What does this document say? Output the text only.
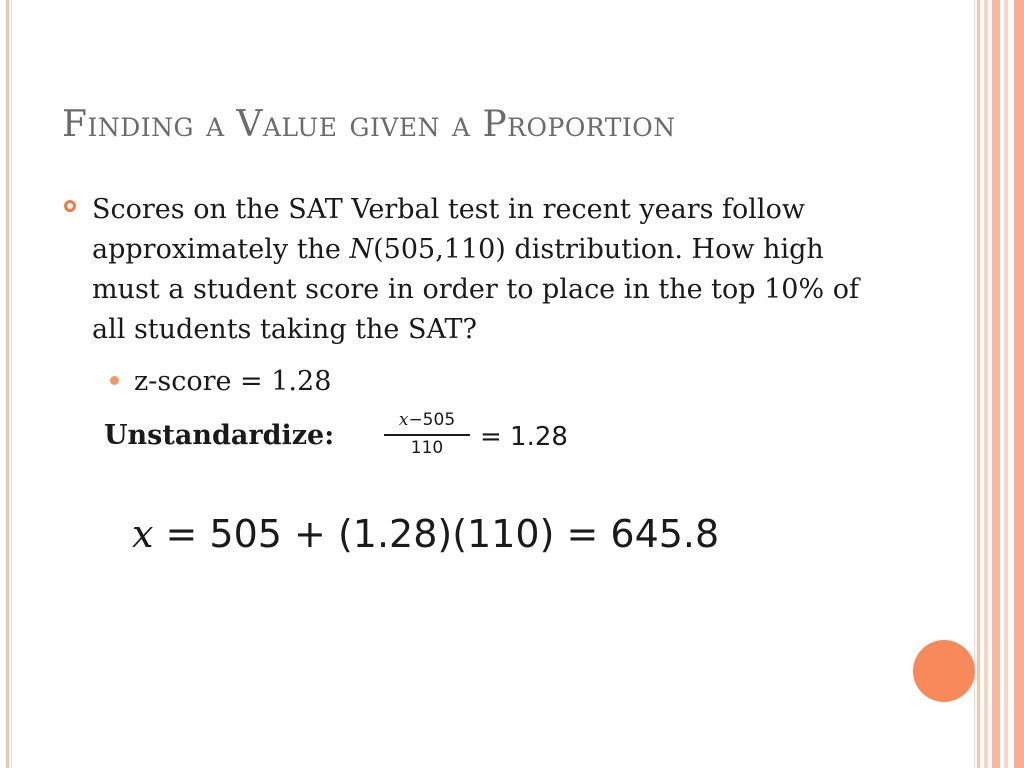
Finding a Value given a Proportion
Scores on the SAT Verbal test in recent years follow approximately the N(505,110) distribution. How high must a student score in order to place in the top 10% of all students taking the SAT?
z-score = 1.28
Unstandardize:	x−505
110	= 1.28
x = 505 + (1.28)(110) = 645.8
